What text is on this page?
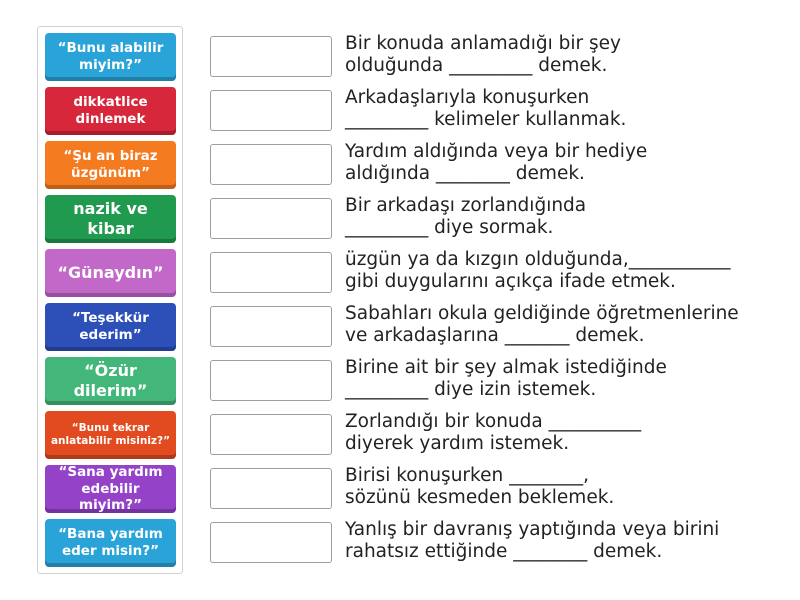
“Bunu alabilir miyim?”
dikkatlice dinlemek
“Şu an biraz üzgünüm”
nazik ve kibar
“Günaydın”
“Teşekkür ederim”
“Özür dilerim”
“Bunu tekrar anlatabilir misiniz?”
“Sana yardım edebilir miyim?”
“Bana yardım eder misin?”
Bir konuda anlamadığı bir şey
olduğunda _________ demek.
Arkadaşlarıyla konuşurken
_________ kelimeler kullanmak.
Yardım aldığında veya bir hediye
aldığında ________ demek.
Bir arkadaşı zorlandığında
_________ diye sormak.
üzgün ya da kızgın olduğunda,___________
gibi duygularını açıkça ifade etmek.
Sabahları okula geldiğinde öğretmenlerine
ve arkadaşlarına _______ demek.
Birine ait bir şey almak istediğinde
_________ diye izin istemek.
Zorlandığı bir konuda __________
diyerek yardım istemek.
Birisi konuşurken ________,
sözünü kesmeden beklemek.
Yanlış bir davranış yaptığında veya birini
rahatsız ettiğinde ________ demek.
